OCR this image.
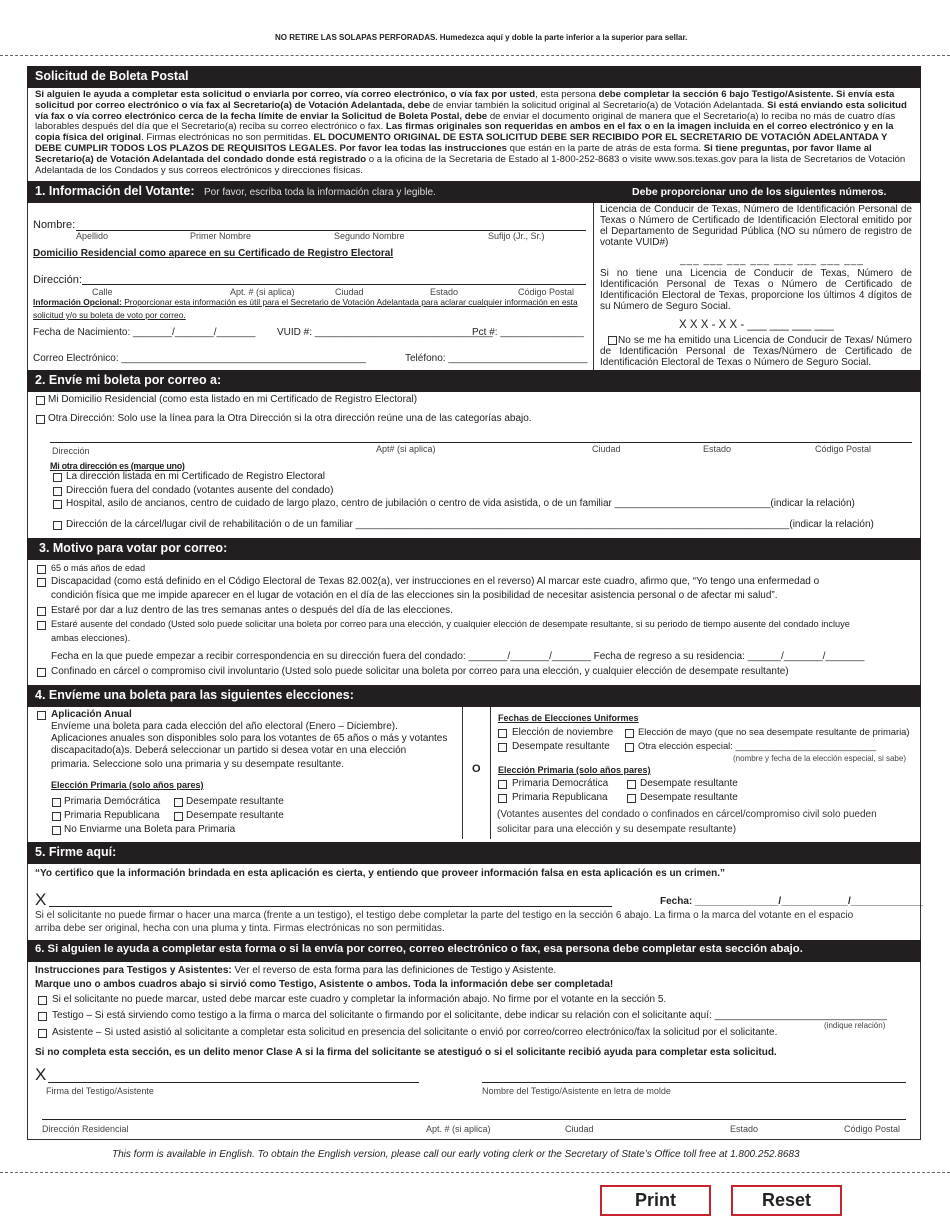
NO RETIRE LAS SOLAPAS PERFORADAS. Humedezca aquí y doble la parte inferior a la superior para sellar.
Solicitud de Boleta Postal
Si alguien le ayuda a completar esta solicitud o enviarla por correo, vía correo electrónico, o vía fax por usted, esta persona debe completar la sección 6 bajo Testigo/Asistente. Si envía esta solicitud por correo electrónico o vía fax al Secretario(a) de Votación Adelantada, debe de enviar también la solicitud original al Secretario(a) de Votación Adelantada. Si está enviando esta solicitud vía fax o vía correo electrónico cerca de la fecha límite de enviar la Solicitud de Boleta Postal, debe de enviar el documento original de manera que el Secretario(a) lo reciba no más de cuatro días laborables después del día que el Secretario(a) reciba su correo electrónico o fax. Las firmas originales son requeridas en ambos en el fax o en la imagen incluida en el correo electrónico y en la copia física del original. Firmas electrónicas no son permitidas. EL DOCUMENTO ORIGINAL DE ESTA SOLICITUD DEBE SER RECIBIDO POR EL SECRETARIO DE VOTACIÓN ADELANTADA Y DEBE CUMPLIR TODOS LOS PLAZOS DE REQUISITOS LEGALES. Por favor lea todas las instrucciones que están en la parte de atrás de esta forma. Si tiene preguntas, por favor llame al Secretario(a) de Votación Adelantada del condado donde está registrado o a la oficina de la Secretaria de Estado al 1-800-252-8683 o visite www.sos.texas.gov para la lista de Secretarios de Votación Adelantada de los Condados y sus correos electrónicos y direcciones físicas.
1. Información del Votante: Por favor, escriba toda la información clara y legible.	Debe proporcionar uno de los siguientes números.
Nombre:
Apellido	Primer Nombre	Segundo Nombre	Sufijo (Jr., Sr.)
Domicilio Residencial como aparece en su Certificado de Registro Electoral
Dirección:
Calle	Apt. # (si aplica)	Ciudad	Estado	Código Postal
Información Opcional: Proporcionar esta información es útil para el Secretario de Votación Adelantada para aclarar cualquier información en esta solicitud y/o su boleta de voto por correo.
Fecha de Nacimiento: _______/_______/_______ VUID #: ________________________________
Pct #: _______________
Correo Electrónico: ____________________________________________	Teléfono: _________________________
Licencia de Conducir de Texas, Número de Identificación Personal de Texas o Número de Certificado de Identificación Electoral emitido por el Departamento de Seguridad Pública (NO su número de registro de votante VUID#)
___ ___ ___ ___ ___ ___ ___ ___
Si no tiene una Licencia de Conducir de Texas, Número de Identificación Personal de Texas o Número de Certificado de Identificación Electoral de Texas, proporcione los últimos 4 dígitos de su Número de Seguro Social.
X X X - X X - ___ ___ ___ ___
No se me ha emitido una Licencia de Conducir de Texas/ Número de Identificación Personal de Texas/Número de Certificado de Identificación Electoral de Texas o Número de Seguro Social.
2. Envíe mi boleta por correo a:
Mi Domicilio Residencial (como esta listado en mi Certificado de Registro Electoral)
Otra Dirección: Solo use la línea para la Otra Dirección si la otra dirección reúne una de las categorías abajo.
Dirección	Apt# (si aplica)	Ciudad	Estado	Código Postal
Mi otra dirección es (marque uno)
La dirección listada en mi Certificado de Registro Electoral
Dirección fuera del condado (votantes ausente del condado)
Hospital, asilo de ancianos, centro de cuidado de largo plazo, centro de jubilación o centro de vida asistida, o de un familiar ____________________________(indicar la relación)
Dirección de la cárcel/lugar civil de rehabilitación o de un familiar ______________________________________________________________________________(indicar la relación)
3. Motivo para votar por correo:
65 o más años de edad
Discapacidad (como está definido en el Código Electoral de Texas 82.002(a), ver instrucciones en el reverso) Al marcar este cuadro, afirmo que, “Yo tengo una enfermedad o
condición física que me impide aparecer en el lugar de votación en el día de las elecciones sin la posibilidad de necesitar asistencia personal o de afectar mi salud”.
Estaré por dar a luz dentro de las tres semanas antes o después del día de las elecciones.
Estaré ausente del condado (Usted solo puede solicitar una boleta por correo para una elección, y cualquier elección de desempate resultante, si su periodo de tiempo ausente del condado incluye
ambas elecciones).
Fecha en la que puede empezar a recibir correspondencia en su dirección fuera del condado: _______/_______/_______ Fecha de regreso a su residencia: ______/_______/_______
Confinado en cárcel o compromiso civil involuntario (Usted solo puede solicitar una boleta por correo para una elección, y cualquier elección de desempate resultante)
4. Envíeme una boleta para las siguientes elecciones:
O
Aplicación Anual
Envíeme una boleta para cada elección del año electoral (Enero – Diciembre).
Aplicaciones anuales son disponibles solo para los votantes de 65 años o más y votantes
discapacitado(a)s. Deberá seleccionar un partido si desea votar en una elección
primaria. Seleccione solo una primaria y su desempate resultante.
Elección Primaria (solo años pares)
Primaria Demócrática	Desempate resultante
Primaria Republicana	Desempate resultante
No Enviarme una Boleta para Primaria
Fechas de Elecciones Uniformes
Elección de noviembre	Elección de mayo (que no sea desempate resultante de primaria)
Desempate resultante	Otra elección especial: ___________________________
(nombre y fecha de la elección especial, si sabe)
Elección Primaria (solo años pares)
Primaria Democrática	Desempate resultante
Primaria Republicana	Desempate resultante
(Votantes ausentes del condado o confinados en cárcel/compromiso civil solo pueden
solicitar para una elección y su desempate resultante)
5. Firme aquí:
“Yo certifico que la información brindada en esta aplicación es cierta, y entiendo que proveer información falsa en esta aplicación es un crimen.”
X	Fecha: _______________/____________/_____________
Si el solicitante no puede firmar o hacer una marca (frente a un testigo), el testigo debe completar la parte del testigo en la sección 6 abajo. La firma o la marca del votante en el espacio
arriba debe ser original, hecha con una pluma y tinta. Firmas electrónicas no son permitidas.
6. Si alguien le ayuda a completar esta forma o si la envía por correo, correo electrónico o fax, esa persona debe completar esta sección abajo.
Instrucciones para Testigos y Asistentes: Ver el reverso de esta forma para las definiciones de Testigo y Asistente.
Marque uno o ambos cuadros abajo si sirvió como Testigo, Asistente o ambos. Toda la información debe ser completada!
Si el solicitante no puede marcar, usted debe marcar este cuadro y completar la información abajo. No firme por el votante en la sección 5.
Testigo – Si está sirviendo como testigo a la firma o marca del solicitante o firmando por el solicitante, debe indicar su relación con el solicitante aquí: _______________________________
(indique relación)
Asistente – Si usted asistió al solicitante a completar esta solicitud en presencia del solicitante o envió por correo/correo electrónico/fax la solicitud por el solicitante.
Si no completa esta sección, es un delito menor Clase A si la firma del solicitante se atestiguó o si el solicitante recibió ayuda para completar esta solicitud.
X
Firma del Testigo/Asistente	Nombre del Testigo/Asistente en letra de molde
Dirección Residencial	Apt. # (si aplica)	Ciudad	Estado	Código Postal
This form is available in English. To obtain the English version, please call our early voting clerk or the Secretary of State’s Office toll free at 1.800.252.8683
Print	Reset
